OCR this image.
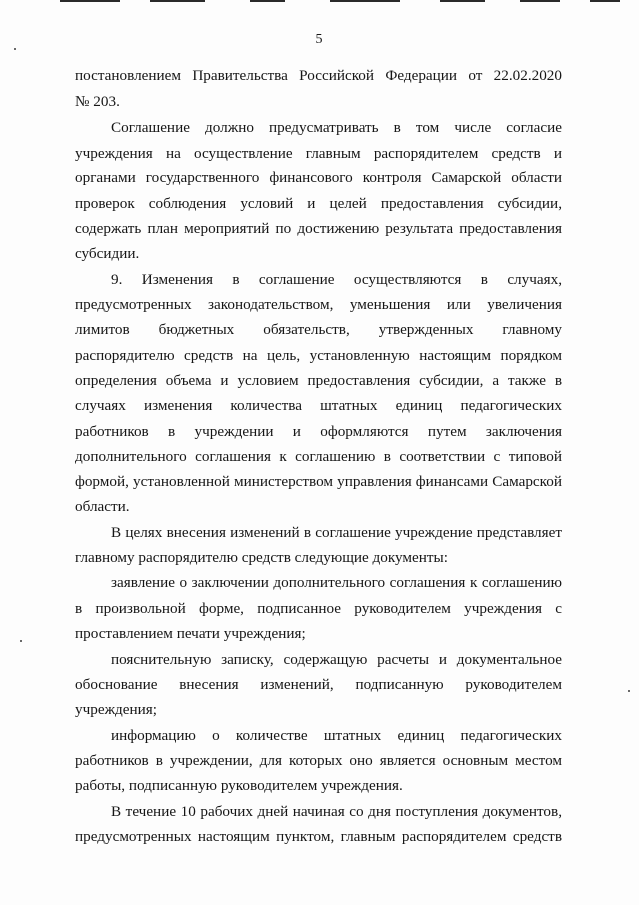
5
постановлением Правительства Российской Федерации от 22.02.2020
№ 203.
Соглашение должно предусматривать в том числе согласие
учреждения на осуществление главным распорядителем средств и
органами государственного финансового контроля Самарской области
проверок соблюдения условий и целей предоставления субсидии,
содержать план мероприятий по достижению результата предоставления
субсидии.
9. Изменения в соглашение осуществляются в случаях,
предусмотренных законодательством, уменьшения или увеличения
лимитов бюджетных обязательств, утвержденных главному
распорядителю средств на цель, установленную настоящим порядком
определения объема и условием предоставления субсидии, а также в
случаях изменения количества штатных единиц педагогических
работников в учреждении и оформляются путем заключения
дополнительного соглашения к соглашению в соответствии с типовой
формой, установленной министерством управления финансами Самарской
области.
В целях внесения изменений в соглашение учреждение представляет
главному распорядителю средств следующие документы:
заявление о заключении дополнительного соглашения к соглашению
в произвольной форме, подписанное руководителем учреждения с
проставлением печати учреждения;
пояснительную записку, содержащую расчеты и документальное
обоснование внесения изменений, подписанную руководителем
учреждения;
информацию о количестве штатных единиц педагогических
работников в учреждении, для которых оно является основным местом
работы, подписанную руководителем учреждения.
В течение 10 рабочих дней начиная со дня поступления документов,
предусмотренных настоящим пунктом, главным распорядителем средств
